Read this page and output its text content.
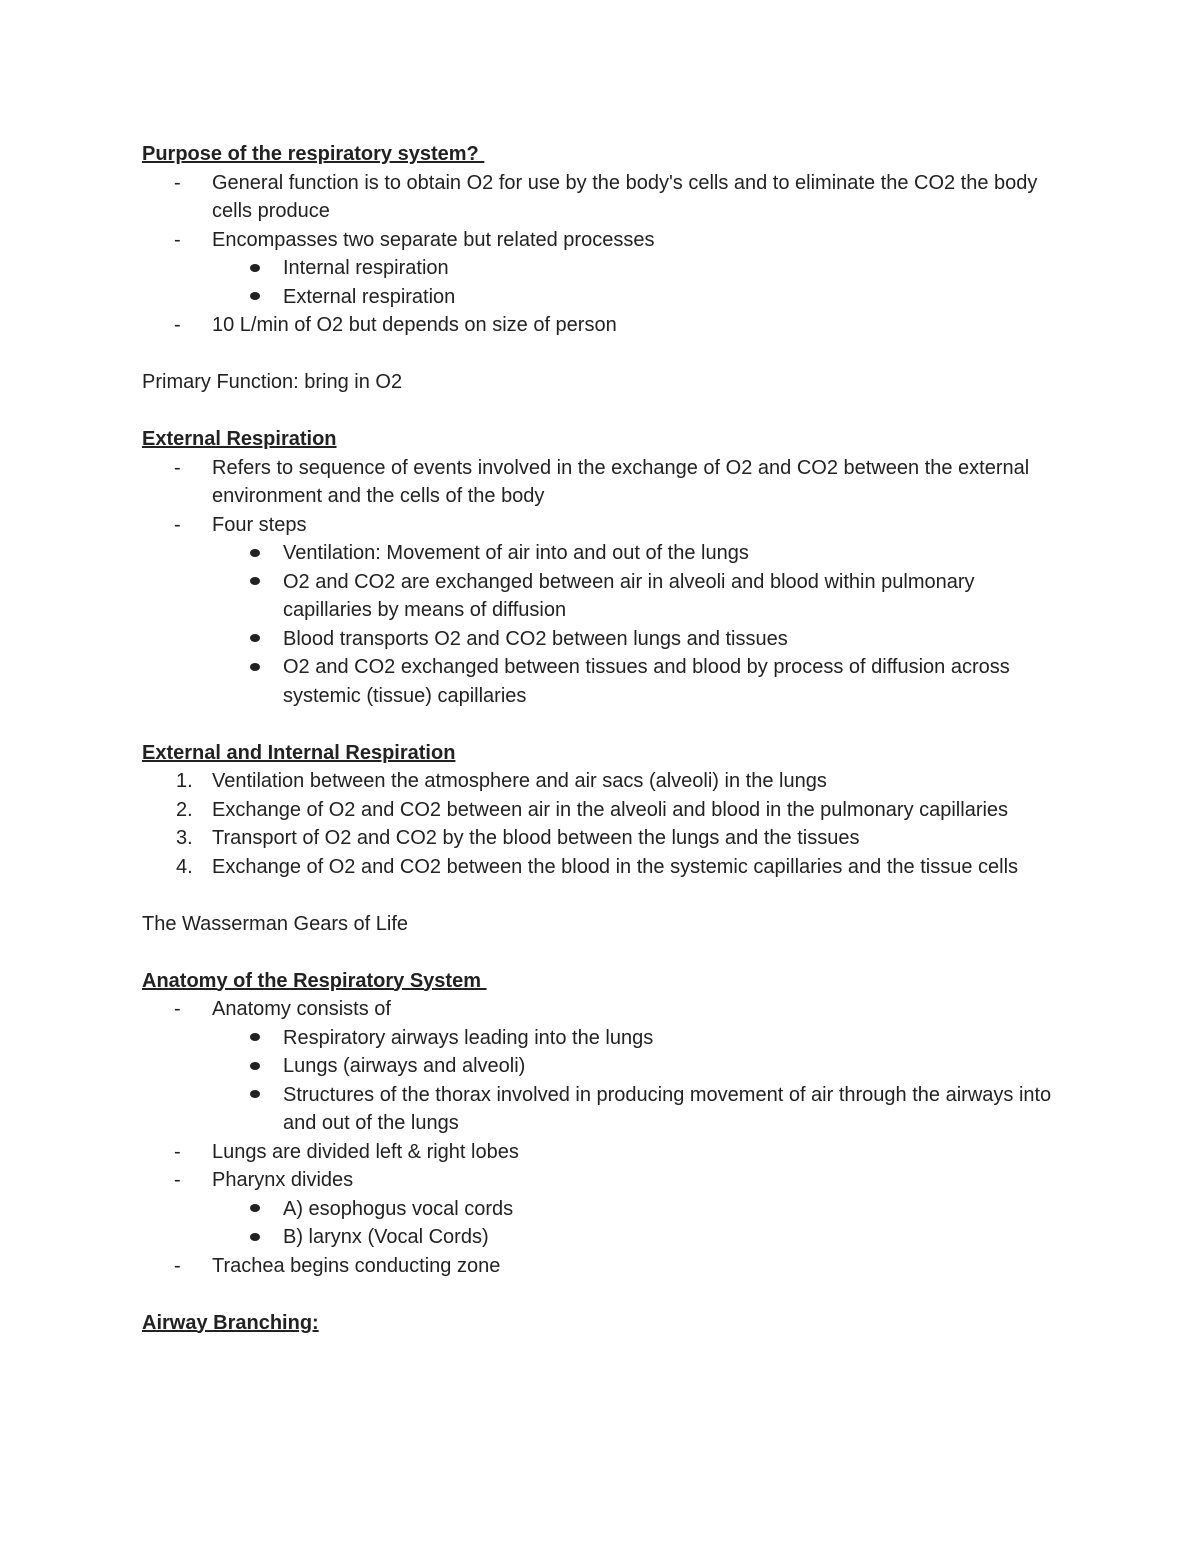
Purpose of the respiratory system?
- General function is to obtain O2 for use by the body's cells and to eliminate the CO2 the body cells produce
- Encompasses two separate but related processes
Internal respiration
External respiration
- 10 L/min of O2 but depends on size of person
Primary Function: bring in O2
External Respiration
- Refers to sequence of events involved in the exchange of O2 and CO2 between the external environment and the cells of the body
- Four steps
Ventilation: Movement of air into and out of the lungs
O2 and CO2 are exchanged between air in alveoli and blood within pulmonary capillaries by means of diffusion
Blood transports O2 and CO2 between lungs and tissues
O2 and CO2 exchanged between tissues and blood by process of diffusion across systemic (tissue) capillaries
External and Internal Respiration
1. Ventilation between the atmosphere and air sacs (alveoli) in the lungs
2. Exchange of O2 and CO2 between air in the alveoli and blood in the pulmonary capillaries
3. Transport of O2 and CO2 by the blood between the lungs and the tissues
4. Exchange of O2 and CO2 between the blood in the systemic capillaries and the tissue cells
The Wasserman Gears of Life
Anatomy of the Respiratory System
- Anatomy consists of
Respiratory airways leading into the lungs
Lungs (airways and alveoli)
Structures of the thorax involved in producing movement of air through the airways into and out of the lungs
- Lungs are divided left & right lobes
- Pharynx divides
A) esophogus vocal cords
B) larynx (Vocal Cords)
- Trachea begins conducting zone
Airway Branching:
